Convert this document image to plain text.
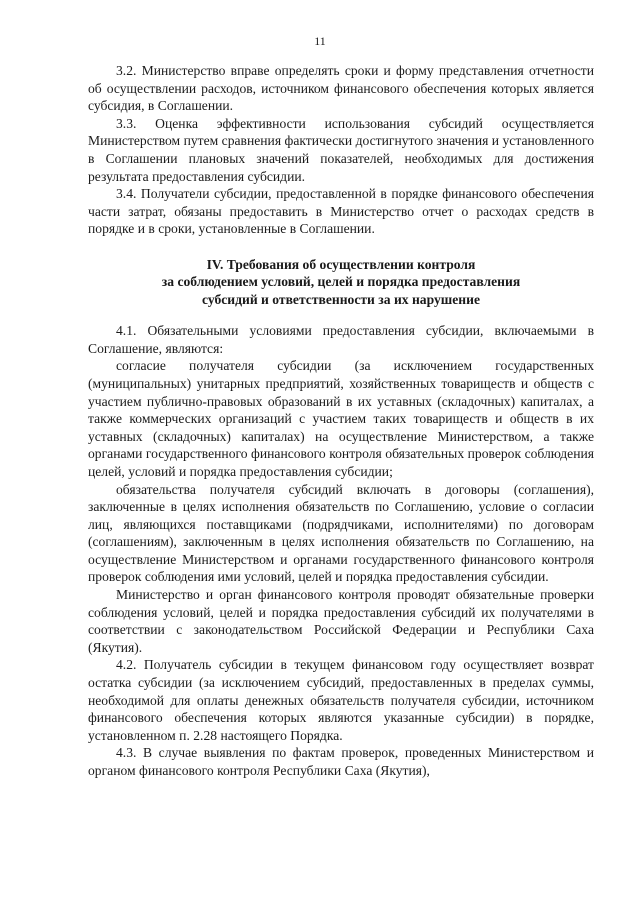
11

3.2. Министерство вправе определять сроки и форму представления отчетности об осуществлении расходов, источником финансового обеспечения которых является субсидия, в Соглашении.

3.3. Оценка эффективности использования субсидий осуществляется Министерством путем сравнения фактически достигнутого значения и установленного в Соглашении плановых значений показателей, необходимых для достижения результата предоставления субсидии.

3.4. Получатели субсидии, предоставленной в порядке финансового обеспечения части затрат, обязаны предоставить в Министерство отчет о расходах средств в порядке и в сроки, установленные в Соглашении.

IV. Требования об осуществлении контроля
за соблюдением условий, целей и порядка предоставления
субсидий и ответственности за их нарушение

4.1. Обязательными условиями предоставления субсидии, включаемыми в Соглашение, являются:

согласие получателя субсидии (за исключением государственных (муниципальных) унитарных предприятий, хозяйственных товариществ и обществ с участием публично-правовых образований в их уставных (складочных) капиталах, а также коммерческих организаций с участием таких товариществ и обществ в их уставных (складочных) капиталах) на осуществление Министерством, а также органами государственного финансового контроля обязательных проверок соблюдения целей, условий и порядка предоставления субсидии;

обязательства получателя субсидий включать в договоры (соглашения), заключенные в целях исполнения обязательств по Соглашению, условие о согласии лиц, являющихся поставщиками (подрядчиками, исполнителями) по договорам (соглашениям), заключенным в целях исполнения обязательств по Соглашению, на осуществление Министерством и органами государственного финансового контроля проверок соблюдения ими условий, целей и порядка предоставления субсидии.

Министерство и орган финансового контроля проводят обязательные проверки соблюдения условий, целей и порядка предоставления субсидий их получателями в соответствии с законодательством Российской Федерации и Республики Саха (Якутия).

4.2. Получатель субсидии в текущем финансовом году осуществляет возврат остатка субсидии (за исключением субсидий, предоставленных в пределах суммы, необходимой для оплаты денежных обязательств получателя субсидии, источником финансового обеспечения которых являются указанные субсидии) в порядке, установленном п. 2.28 настоящего Порядка.

4.3. В случае выявления по фактам проверок, проведенных Министерством и органом финансового контроля Республики Саха (Якутия),
